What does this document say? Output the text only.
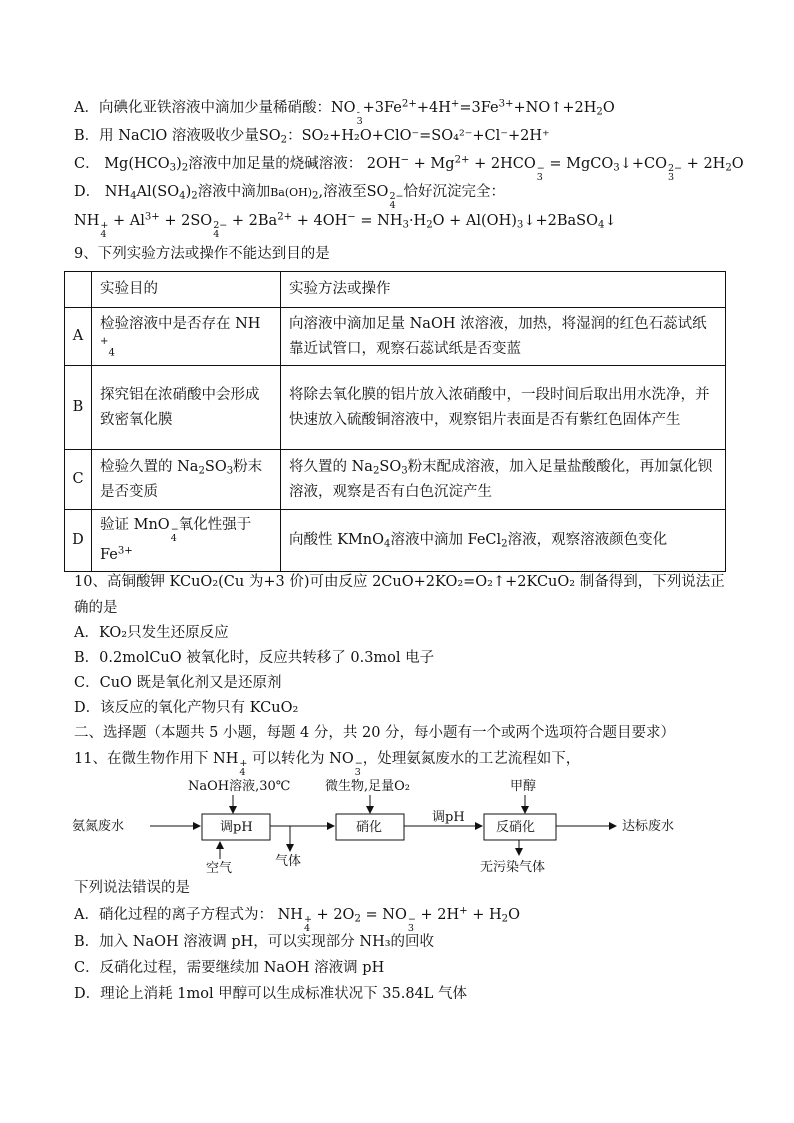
A．向碘化亚铁溶液中滴加少量稀硝酸：NO -
3
$+3Fe^{2+}+4H^+=3Fe^{3+}+NO↑+2H_2O$
B．用 NaClO 溶液吸收少量$SO_2$：SO₂+H₂O+ClO⁻=SO₄²⁻+Cl⁻+2H⁺
C． $Mg(HCO_3)_2$溶液中加足量的烧碱溶液： $2OH^- + Mg^{2+} + 2HCO$ −
3
= MgCO$_3$↓+CO 2−
3
+ $2H_2O$
D． $NH_4Al(SO_4)_2$溶液中滴加$Ba(OH)_2$,溶液至SO 2−
4
恰好沉淀完全：
NH +
4
+ $Al^{3+} + 2SO$ 2−
4
+ $2Ba^{2+} + 4OH^- = NH_3\cdot H_2O$ + $Al(OH)_3↓+2BaSO_4↓$
9、下列实验方法或操作不能达到目的是
	实验目的	实验方法或操作
A	检验溶液中是否存在 NH
+$_4$	向溶液中滴加足量 NaOH 浓溶液，加热，将湿润的红色石蕊试纸靠近试管口，观察石蕊试纸是否变蓝
B	探究铝在浓硝酸中会形成致密氧化膜	将除去氧化膜的铝片放入浓硝酸中，一段时间后取出用水洗净，并快速放入硫酸铜溶液中，观察铝片表面是否有紫红色固体产生
C	检验久置的 $Na_2SO_3$粉末是否变质	将久置的 $Na_2SO_3$粉末配成溶液，加入足量盐酸酸化，再加氯化钡溶液，观察是否有白色沉淀产生
D	验证 MnO −
4
氧化性强于
$Fe^{3+}$	向酸性 KMnO$_4$溶液中滴加 FeCl$_2$溶液，观察溶液颜色变化
10、高铜酸钾 KCuO₂(Cu 为+3 价)可由反应 2CuO+2KO₂=O₂↑+2KCuO₂ 制备得到，下列说法正
确的是
A．KO₂只发生还原反应
B．0.2molCuO 被氧化时，反应共转移了 0.3mol 电子
C．CuO 既是氧化剂又是还原剂
D．该反应的氧化产物只有 KCuO₂
二、选择题（本题共 5 小题，每题 4 分，共 20 分，每小题有一个或两个选项符合题目要求）
11、在微生物作用下 NH +
4
可以转化为 NO −
3
，处理氨氮废水的工艺流程如下，
NaOH溶液,30℃	微生物,足量O₂	甲醇
氨氮废水	调pH
空气	气体
硝化
调pH
反硝化
无污染气体
达标废水
下列说法错误的是
A．硝化过程的离子方程式为： NH +
4
+ $2O_2$ = NO −
3
+ $2H^+ + H_2O$
B．加入 NaOH 溶液调 pH，可以实现部分 NH₃的回收
C．反硝化过程，需要继续加 NaOH 溶液调 pH
D．理论上消耗 1mol 甲醇可以生成标准状况下 35.84L 气体
